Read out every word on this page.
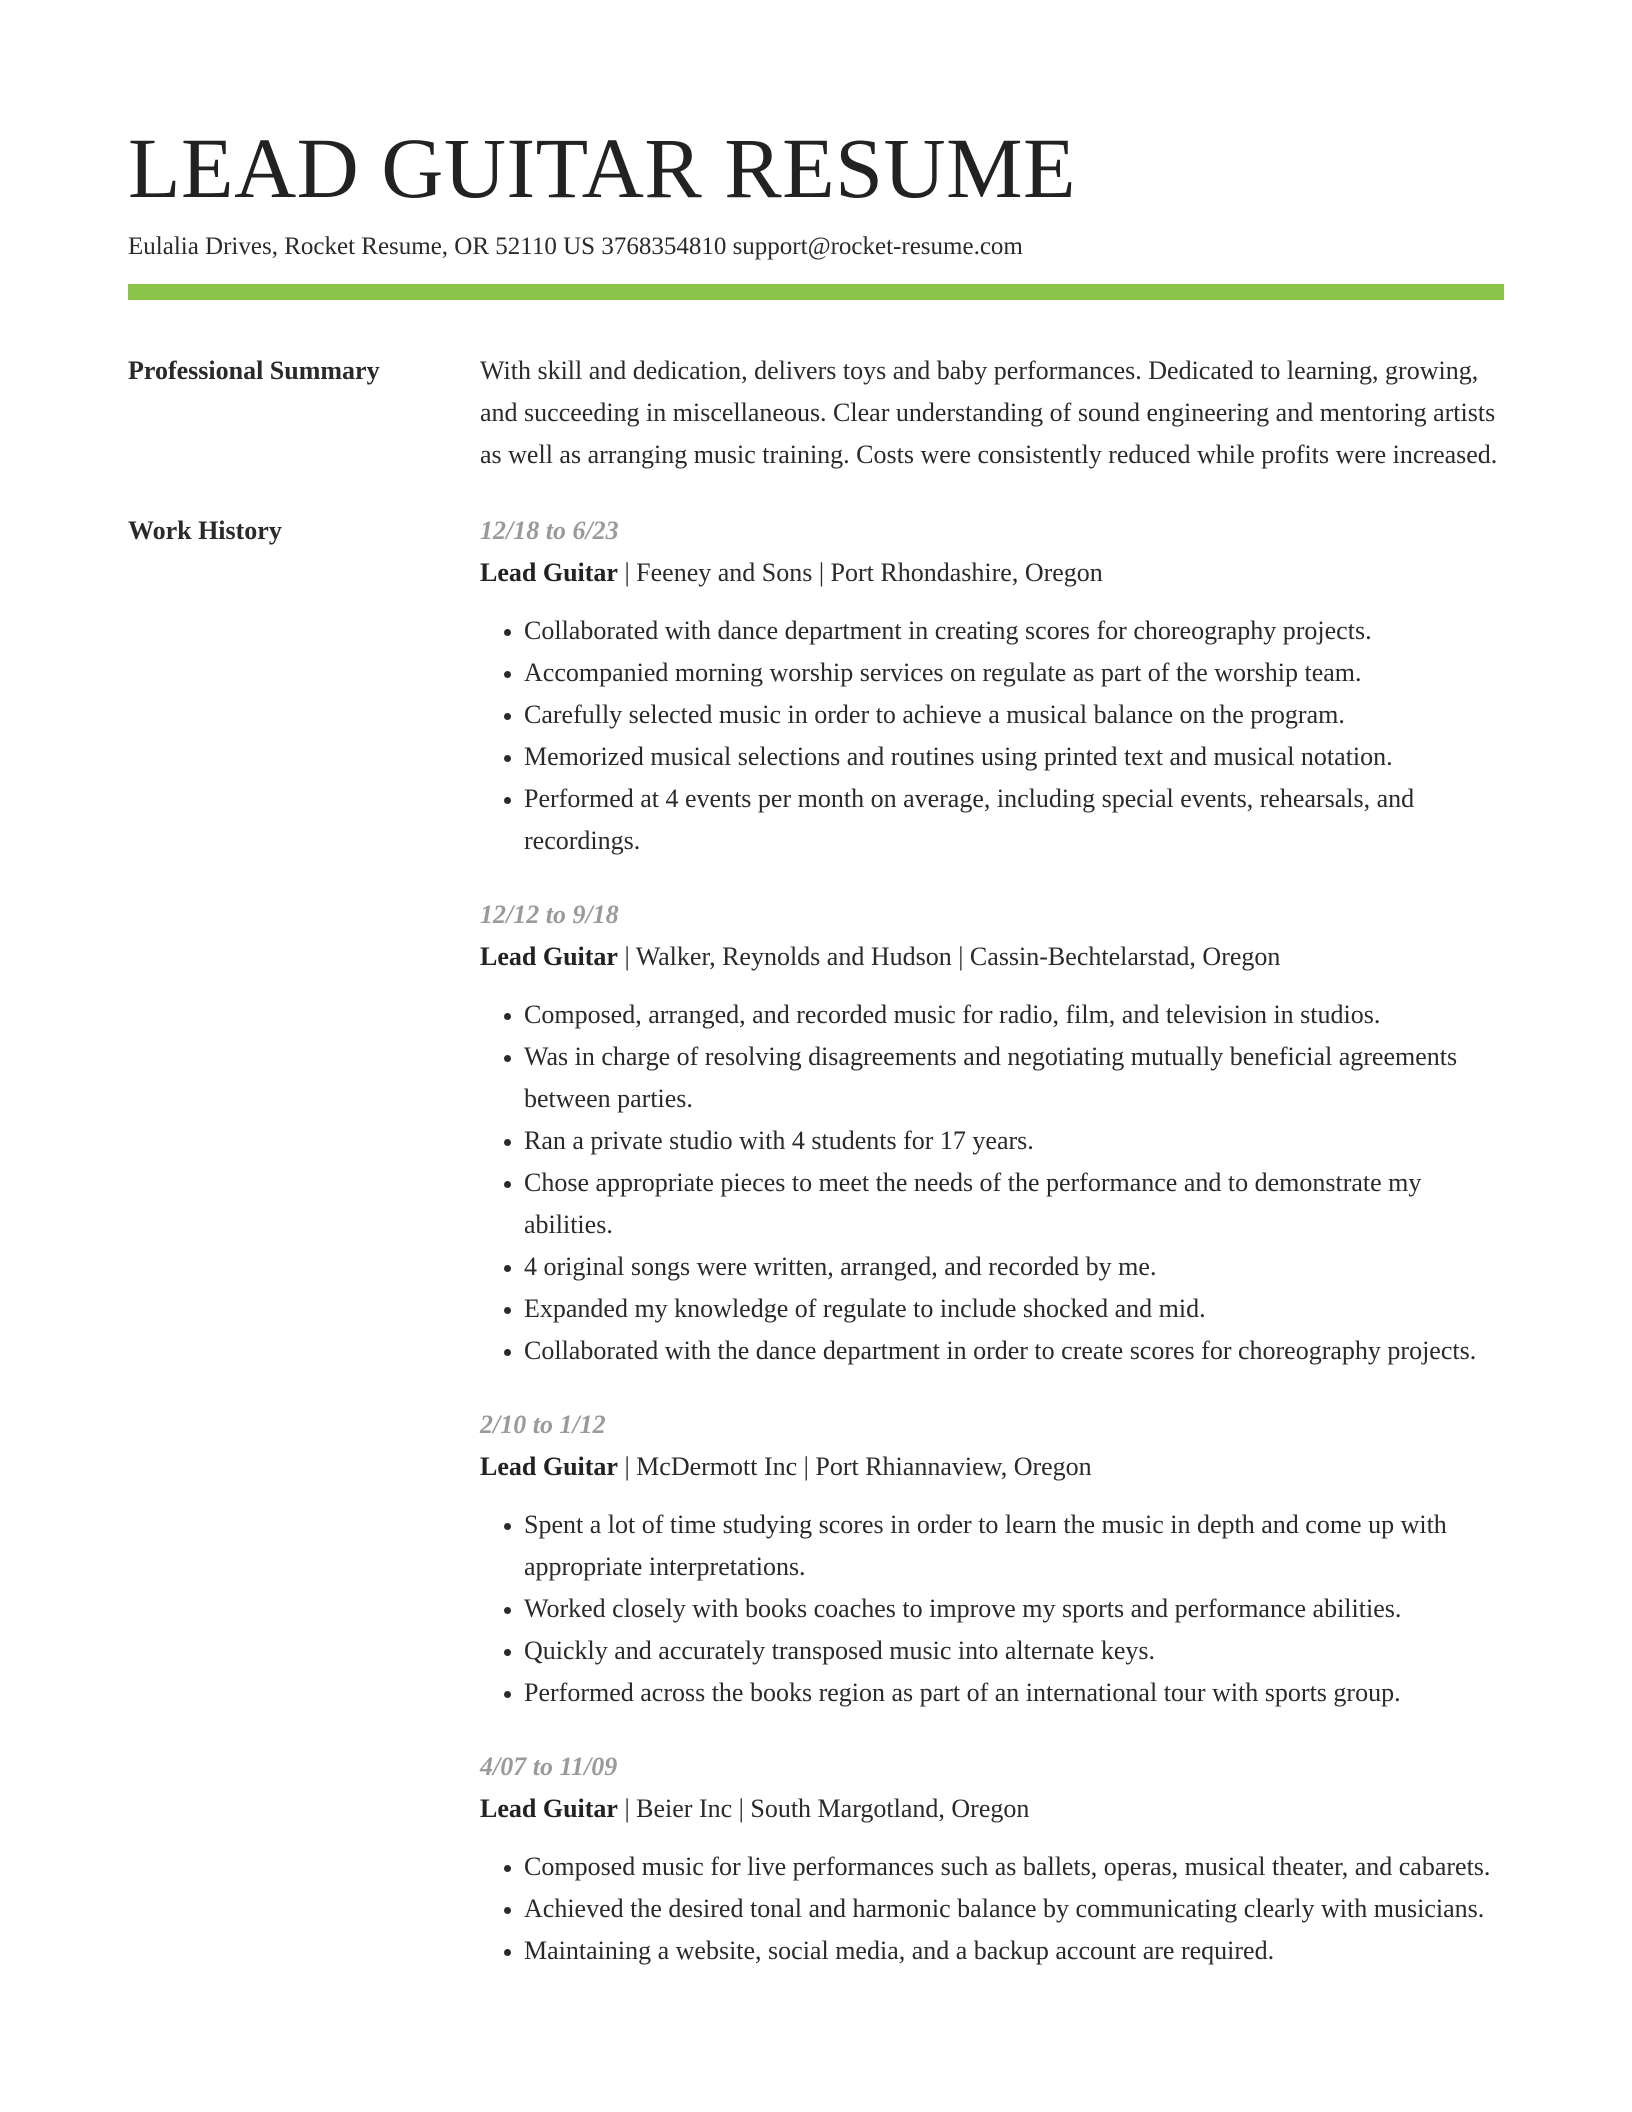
LEAD GUITAR RESUME
Eulalia Drives, Rocket Resume, OR 52110 US 3768354810 support@rocket-resume.com
Professional Summary	With skill and dedication, delivers toys and baby performances. Dedicated to learning, growing, and succeeding in miscellaneous. Clear understanding of sound engineering and mentoring artists as well as arranging music training. Costs were consistently reduced while profits were increased.
Work History	12/18 to 6/23
Lead Guitar | Feeney and Sons | Port Rhondashire, Oregon
• Collaborated with dance department in creating scores for choreography projects.
• Accompanied morning worship services on regulate as part of the worship team.
• Carefully selected music in order to achieve a musical balance on the program.
• Memorized musical selections and routines using printed text and musical notation.
• Performed at 4 events per month on average, including special events, rehearsals, and recordings.
12/12 to 9/18
Lead Guitar | Walker, Reynolds and Hudson | Cassin-Bechtelarstad, Oregon
• Composed, arranged, and recorded music for radio, film, and television in studios.
• Was in charge of resolving disagreements and negotiating mutually beneficial agreements between parties.
• Ran a private studio with 4 students for 17 years.
• Chose appropriate pieces to meet the needs of the performance and to demonstrate my abilities.
• 4 original songs were written, arranged, and recorded by me.
• Expanded my knowledge of regulate to include shocked and mid.
• Collaborated with the dance department in order to create scores for choreography projects.
2/10 to 1/12
Lead Guitar | McDermott Inc | Port Rhiannaview, Oregon
• Spent a lot of time studying scores in order to learn the music in depth and come up with appropriate interpretations.
• Worked closely with books coaches to improve my sports and performance abilities.
• Quickly and accurately transposed music into alternate keys.
• Performed across the books region as part of an international tour with sports group.
4/07 to 11/09
Lead Guitar | Beier Inc | South Margotland, Oregon
• Composed music for live performances such as ballets, operas, musical theater, and cabarets.
• Achieved the desired tonal and harmonic balance by communicating clearly with musicians.
• Maintaining a website, social media, and a backup account are required.
